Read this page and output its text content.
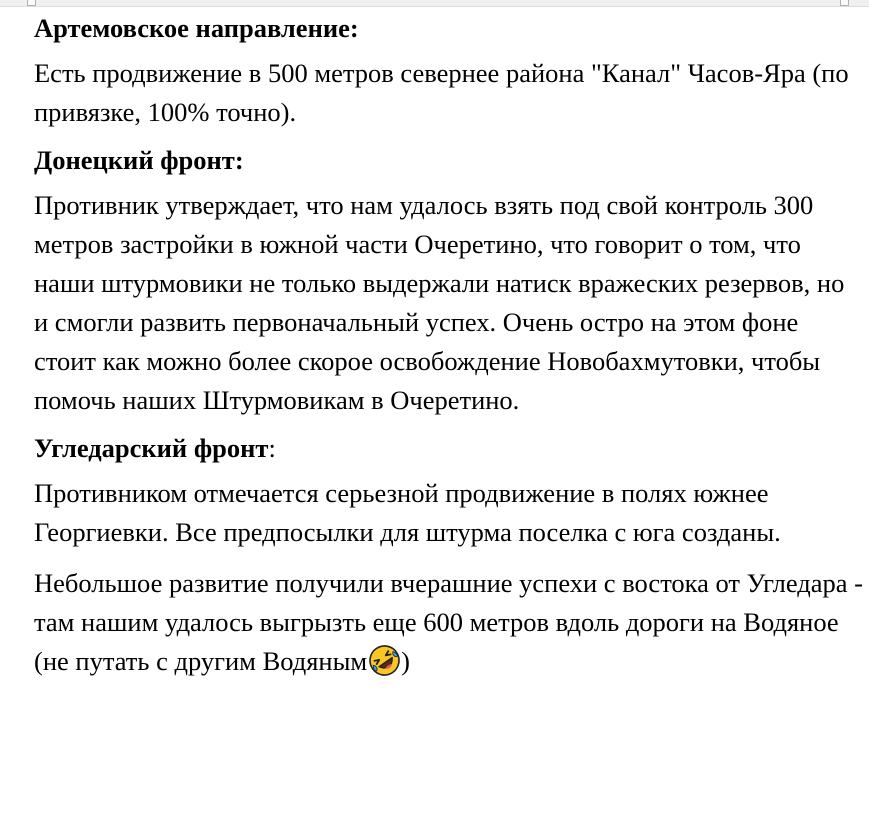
Артемовское направление:

Есть продвижение в 500 метров севернее района "Канал" Часов-Яра (по привязке, 100% точно).

Донецкий фронт:

Противник утверждает, что нам удалось взять под свой контроль 300 метров застройки в южной части Очеретино, что говорит о том, что наши штурмовики не только выдержали натиск вражеских резервов, но и смогли развить первоначальный успех. Очень остро на этом фоне стоит как можно более скорое освобождение Новобахмутовки, чтобы помочь наших Штурмовикам в Очеретино.

Угледарский фронт:

Противником отмечается серьезной продвижение в полях южнее Георгиевки. Все предпосылки для штурма поселка с юга созданы.

Небольшое развитие получили вчерашние успехи с востока от Угледара - там нашим удалось выгрызть еще 600 метров вдоль дороги на Водяное (не путать с другим Водяным )
